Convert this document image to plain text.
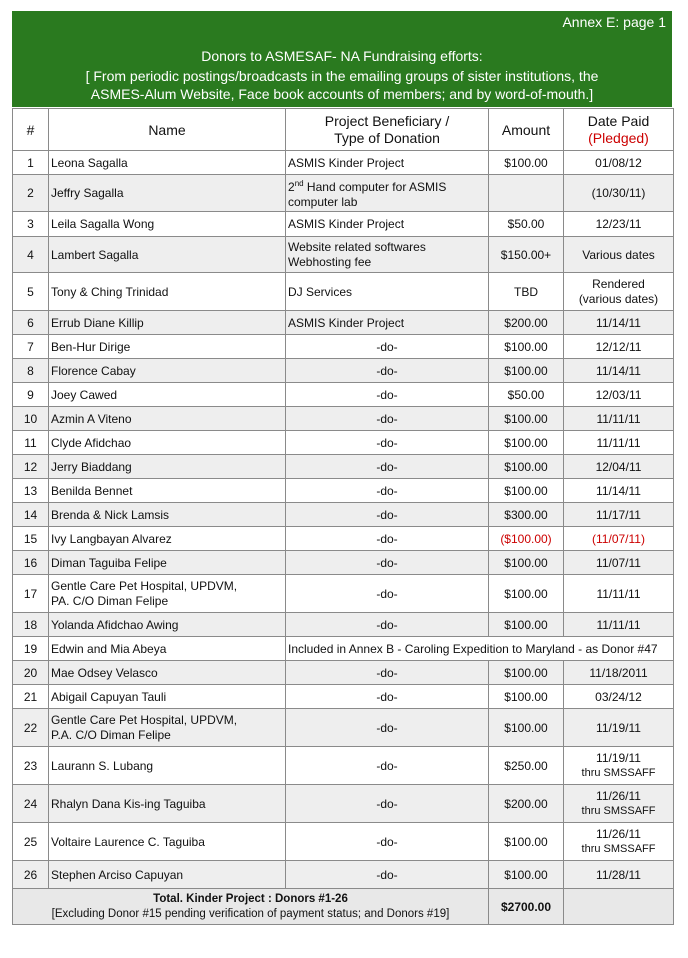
Annex E: page 1
Donors to ASMESAF- NA Fundraising efforts:
[ From periodic postings/broadcasts in the emailing groups of sister institutions, the
ASMES-Alum Website, Face book accounts of members; and by word-of-mouth.]
#	Name	Project Beneficiary /
Type of Donation	Amount	Date Paid
(Pledged)
1	Leona Sagalla	ASMIS Kinder Project	$100.00	01/08/12
2	Jeffry Sagalla	2nd Hand computer for ASMIS
computer lab		(10/30/11)
3	Leila Sagalla Wong	ASMIS Kinder Project	$50.00	12/23/11
4	Lambert Sagalla	Website related softwares
Webhosting fee	$150.00+	Various dates
5	Tony & Ching Trinidad	DJ Services	TBD	Rendered
(various dates)
6	Errub Diane Killip	ASMIS Kinder Project	$200.00	11/14/11
7	Ben-Hur Dirige	-do-	$100.00	12/12/11
8	Florence Cabay	-do-	$100.00	11/14/11
9	Joey Cawed	-do-	$50.00	12/03/11
10	Azmin A Viteno	-do-	$100.00	11/11/11
11	Clyde Afidchao	-do-	$100.00	11/11/11
12	Jerry Biaddang	-do-	$100.00	12/04/11
13	Benilda Bennet	-do-	$100.00	11/14/11
14	Brenda & Nick Lamsis	-do-	$300.00	11/17/11
15	Ivy Langbayan Alvarez	-do-	($100.00)	(11/07/11)
16	Diman Taguiba Felipe	-do-	$100.00	11/07/11
17	Gentle Care Pet Hospital, UPDVM,
PA. C/O Diman Felipe	-do-	$100.00	11/11/11
18	Yolanda Afidchao Awing	-do-	$100.00	11/11/11
19	Edwin and Mia Abeya	Included in Annex B - Caroling Expedition to Maryland - as Donor #47		
20	Mae Odsey Velasco	-do-	$100.00	11/18/2011
21	Abigail Capuyan Tauli	-do-	$100.00	03/24/12
22	Gentle Care Pet Hospital, UPDVM,
P.A. C/O Diman Felipe	-do-	$100.00	11/19/11
23	Laurann S. Lubang	-do-	$250.00	11/19/11
thru SMSSAFF
24	Rhalyn Dana Kis-ing Taguiba	-do-	$200.00	11/26/11
thru SMSSAFF
25	Voltaire Laurence C. Taguiba	-do-	$100.00	11/26/11
thru SMSSAFF
26	Stephen Arciso Capuyan	-do-	$100.00	11/28/11
Total. Kinder Project : Donors #1-26
[Excluding Donor #15 pending verification of payment status; and Donors #19]			$2700.00	
